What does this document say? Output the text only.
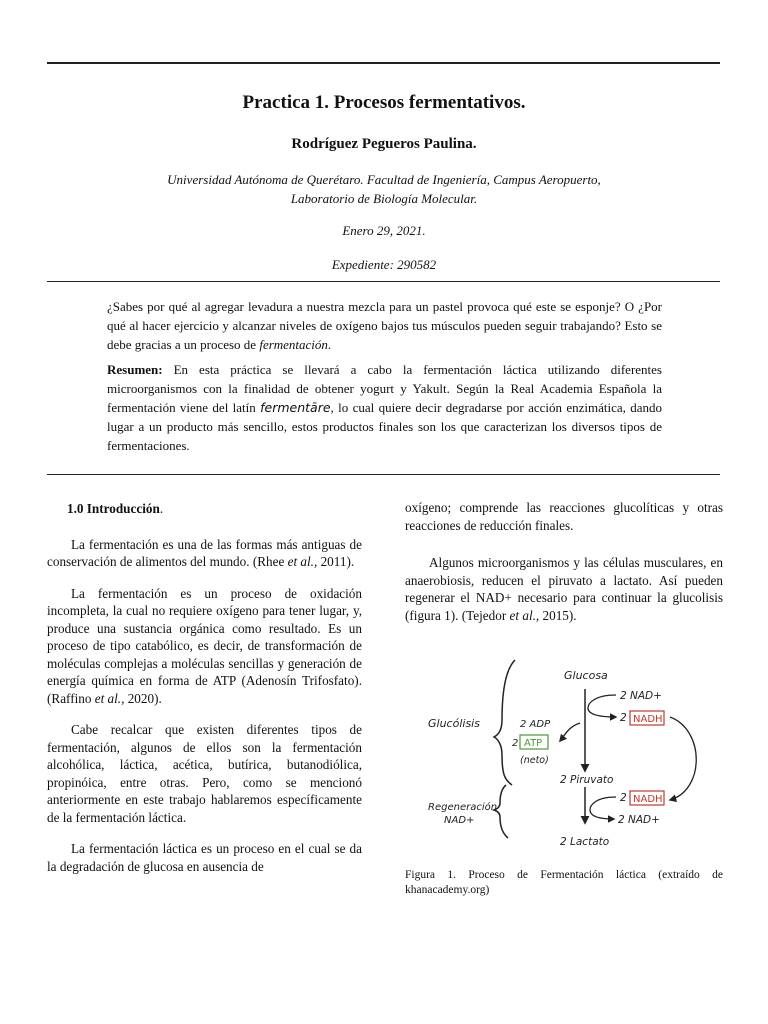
Practica 1. Procesos fermentativos.
Rodríguez Pegueros Paulina.
Universidad Autónoma de Querétaro. Facultad de Ingeniería, Campus Aeropuerto,
Laboratorio de Biología Molecular.
Enero 29, 2021.
Expediente: 290582
¿Sabes por qué al agregar levadura a nuestra mezcla para un pastel provoca qué este se esponje? O ¿Por qué al hacer ejercicio y alcanzar niveles de oxígeno bajos tus músculos pueden seguir trabajando? Esto se debe gracias a un proceso de fermentación.
Resumen: En esta práctica se llevará a cabo la fermentación láctica utilizando diferentes microorganismos con la finalidad de obtener yogurt y Yakult. Según la Real Academia Española la fermentación viene del latín fermentāre, lo cual quiere decir degradarse por acción enzimática, dando lugar a un producto más sencillo, estos productos finales son los que caracterizan los diversos tipos de fermentaciones.

1.0 Introducción.

La fermentación es una de las formas más antiguas de conservación de alimentos del mundo. (Rhee et al., 2011).

La fermentación es un proceso de oxidación incompleta, la cual no requiere oxígeno para tener lugar, y, produce una sustancia orgánica como resultado. Es un proceso de tipo catabólico, es decir, de transformación de moléculas complejas a moléculas sencillas y generación de energía química en forma de ATP (Adenosín Trifosfato). (Raffino et al., 2020).

Cabe recalcar que existen diferentes tipos de fermentación, algunos de ellos son la fermentación alcohólica, láctica, acética, butírica, butanodiólica, propinóica, entre otras. Pero, como se mencionó anteriormente en este trabajo hablaremos específicamente de la fermentación láctica.

La fermentación láctica es un proceso en el cual se da la degradación de glucosa en ausencia de

oxígeno; comprende las reacciones glucolíticas y otras reacciones de reducción finales.

Algunos microorganismos y las células musculares, en anaerobiosis, reducen el piruvato a lactato. Así pueden regenerar el NAD+ necesario para continuar la glucolisis (figura 1). (Tejedor et al., 2015).

Glucosa
Glucólisis
2 NAD+
2 NADH
2 ADP
2 ATP
(neto)
2 Piruvato
Regeneración
NAD+
2 NADH
2 NAD+
2 Lactato
Figura 1. Proceso de Fermentación láctica (extraído de khanacademy.org)
